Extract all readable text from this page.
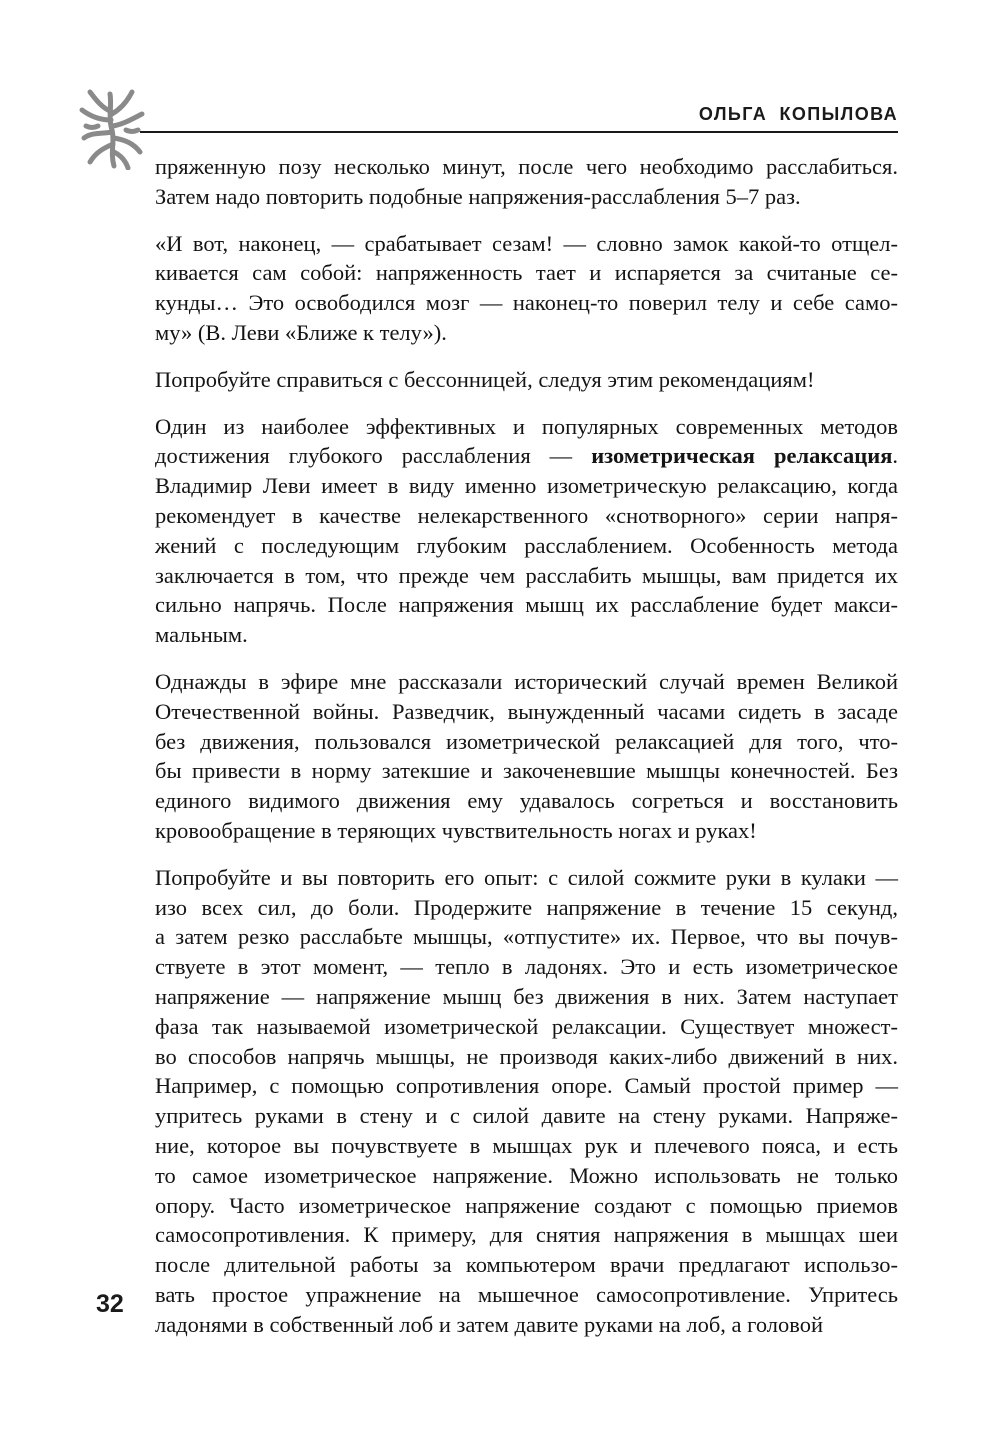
ОЛЬГА КОПЫЛОВА
пряженную позу несколько минут, после чего необходимо расслабиться.
Затем надо повторить подобные напряжения-расслабления 5–7 раз.
«И вот, наконец, — срабатывает сезам! — словно замок какой-то отщел-
кивается сам собой: напряженность тает и испаряется за считаные се-
кунды… Это освободился мозг — наконец-то поверил телу и себе само-
му» (В. Леви «Ближе к телу»).
Попробуйте справиться с бессонницей, следуя этим рекомендациям!
Один из наиболее эффективных и популярных современных методов
достижения глубокого расслабления — изометрическая релаксация.
Владимир Леви имеет в виду именно изометрическую релаксацию, когда
рекомендует в качестве нелекарственного «снотворного» серии напря-
жений с последующим глубоким расслаблением. Особенность метода
заключается в том, что прежде чем расслабить мышцы, вам придется их
сильно напрячь. После напряжения мышц их расслабление будет макси-
мальным.
Однажды в эфире мне рассказали исторический случай времен Великой
Отечественной войны. Разведчик, вынужденный часами сидеть в засаде
без движения, пользовался изометрической релаксацией для того, что-
бы привести в норму затекшие и закоченевшие мышцы конечностей. Без
единого видимого движения ему удавалось согреться и восстановить
кровообращение в теряющих чувствительность ногах и руках!
Попробуйте и вы повторить его опыт: с силой сожмите руки в кулаки —
изо всех сил, до боли. Продержите напряжение в течение 15 секунд,
а затем резко расслабьте мышцы, «отпустите» их. Первое, что вы почув-
ствуете в этот момент, — тепло в ладонях. Это и есть изометрическое
напряжение — напряжение мышц без движения в них. Затем наступает
фаза так называемой изометрической релаксации. Существует множест-
во способов напрячь мышцы, не производя каких-либо движений в них.
Например, с помощью сопротивления опоре. Самый простой пример —
упритесь руками в стену и с силой давите на стену руками. Напряже-
ние, которое вы почувствуете в мышцах рук и плечевого пояса, и есть
то самое изометрическое напряжение. Можно использовать не только
опору. Часто изометрическое напряжение создают с помощью приемов
самосопротивления. К примеру, для снятия напряжения в мышцах шеи
после длительной работы за компьютером врачи предлагают использо-
вать простое упражнение на мышечное самосопротивление. Упритесь
ладонями в собственный лоб и затем давите руками на лоб, а головой
32
